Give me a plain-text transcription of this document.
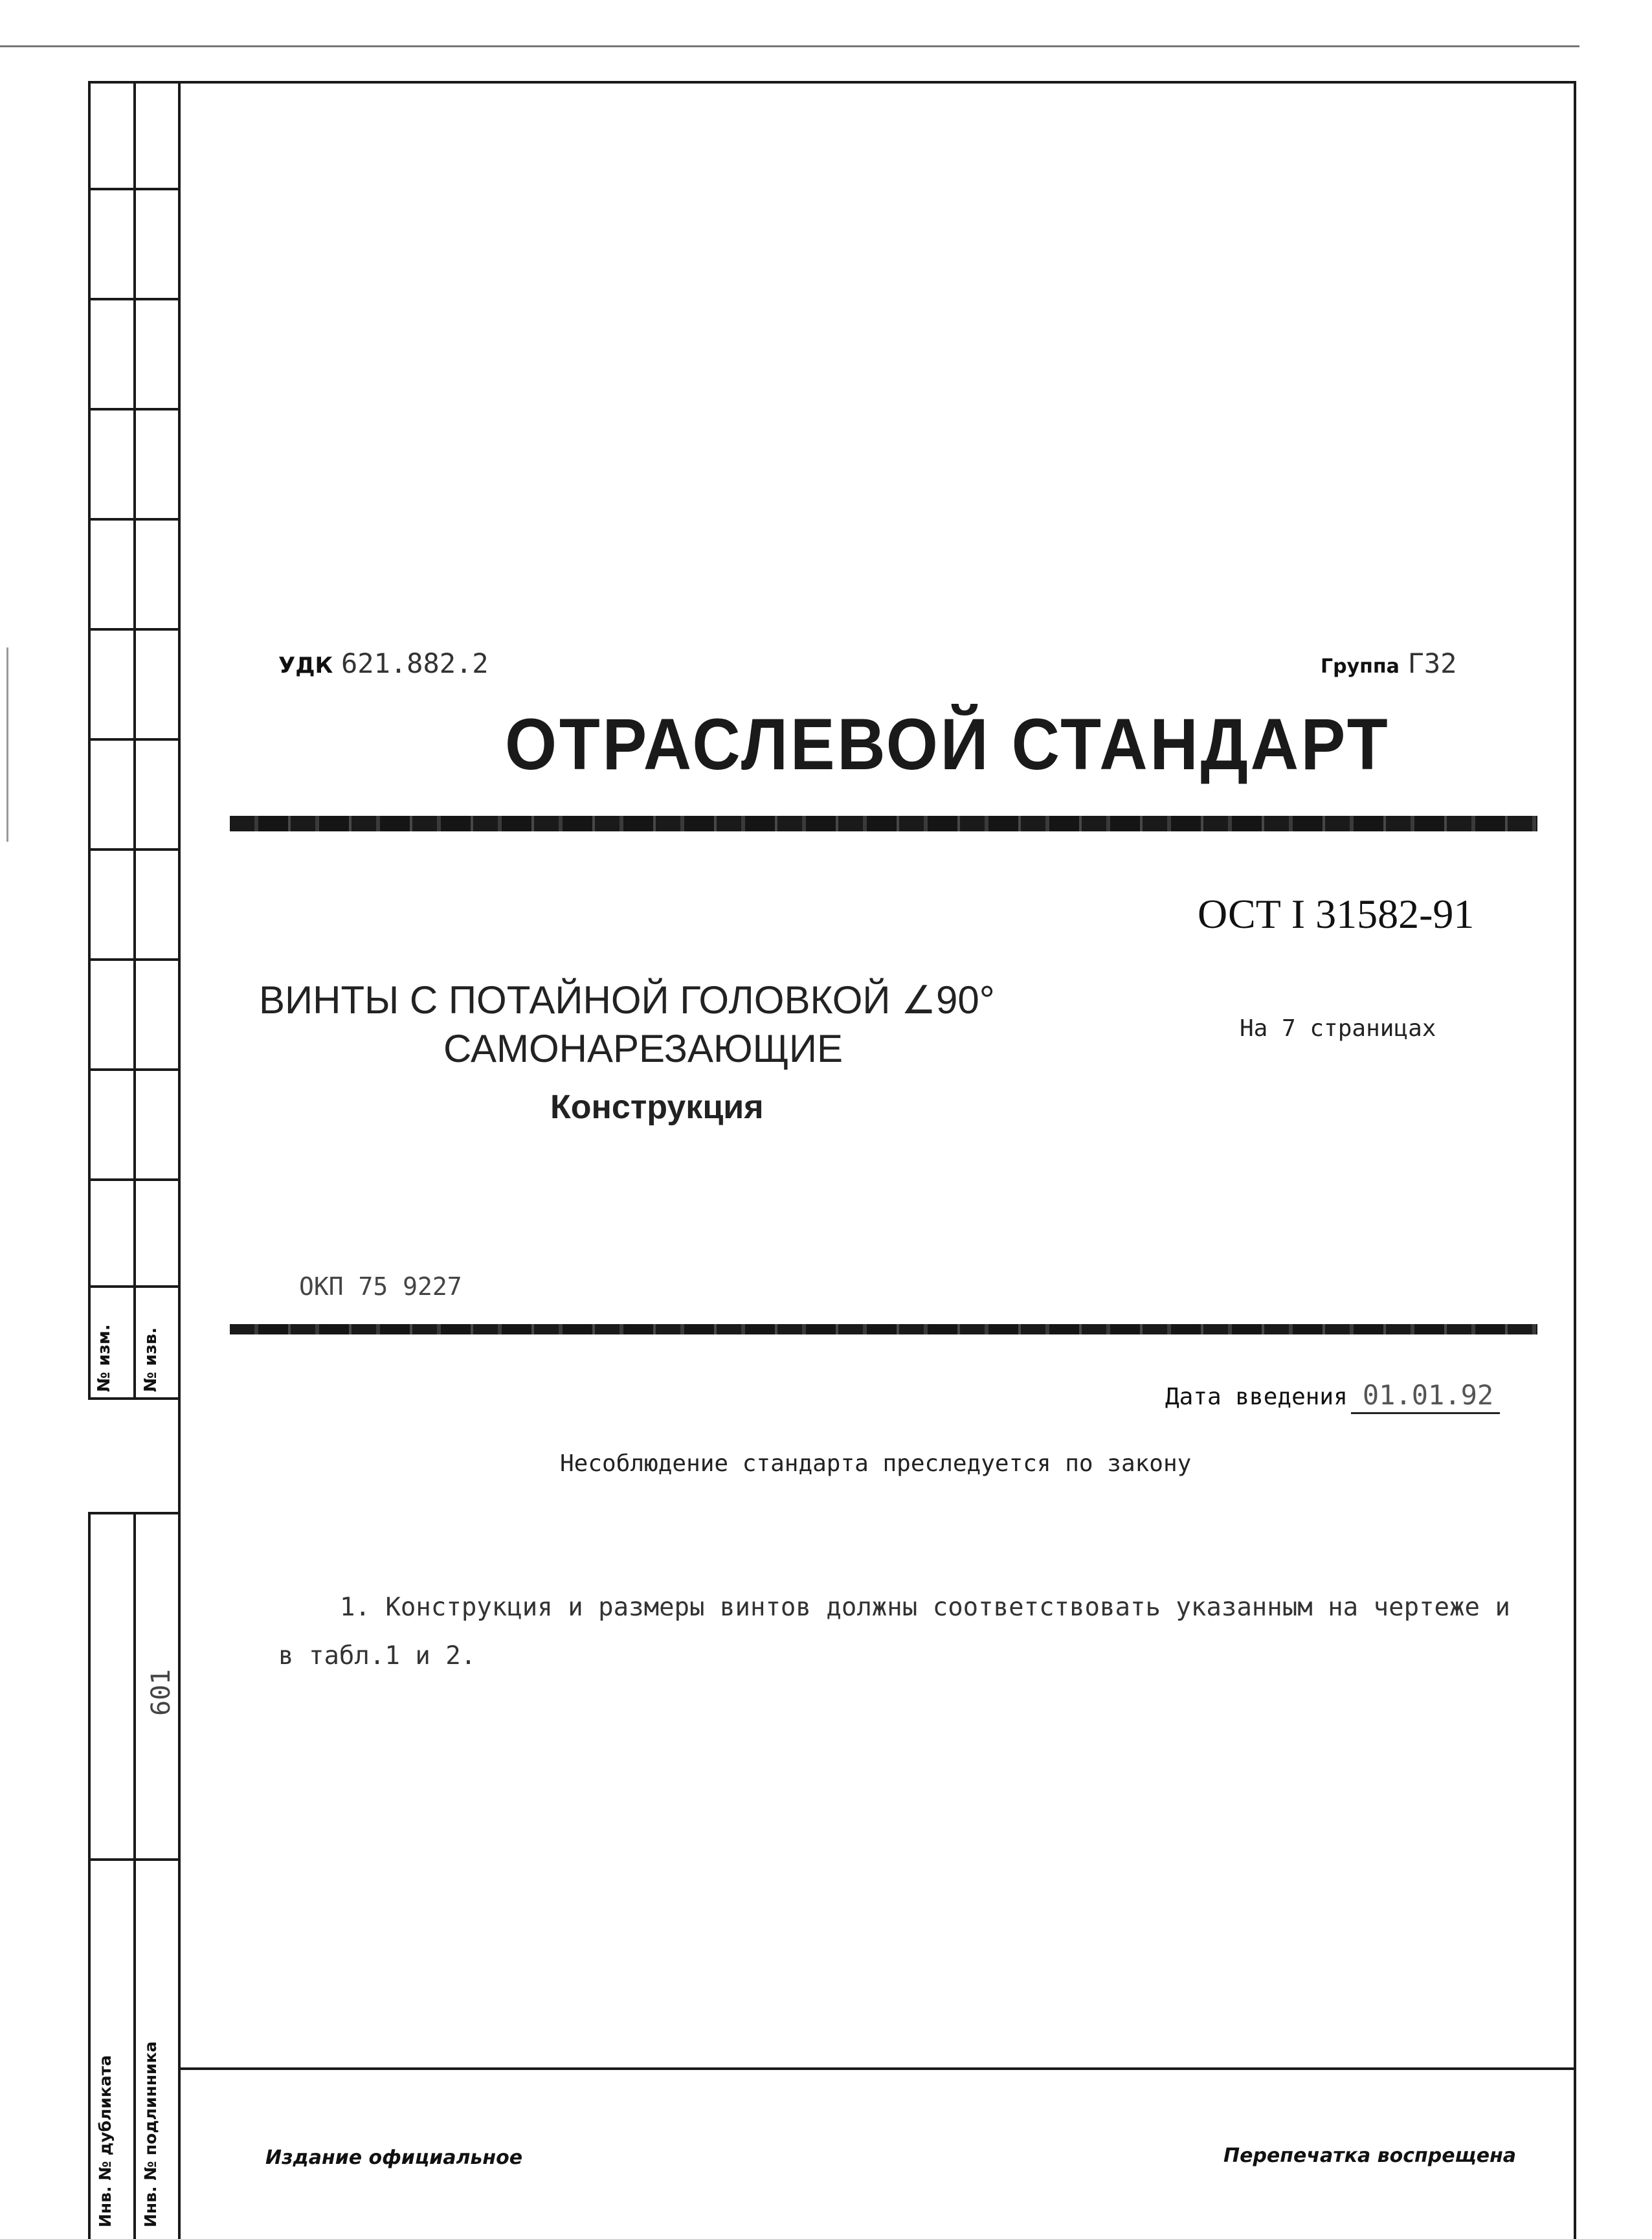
№ изм. № изв.
601
Инв. № дубликата Инв. № подлинника
УДК 621.882.2	Группа Г32
ОТРАСЛЕВОЙ СТАНДАРТ
ОСТ I 31582-91
ВИНТЫ С ПОТАЙНОЙ ГОЛОВКОЙ ∠90°
САМОНАРЕЗАЮЩИЕ
Конструкция
На 7 страницах
ОКП 75 9227
Дата введения 01.01.92
Несоблюдение стандарта преследуется по закону
1. Конструкция и размеры винтов должны соответствовать указанным на чертеже и
в табл.1 и 2.
Издание официальное	Перепечатка воспрещена
